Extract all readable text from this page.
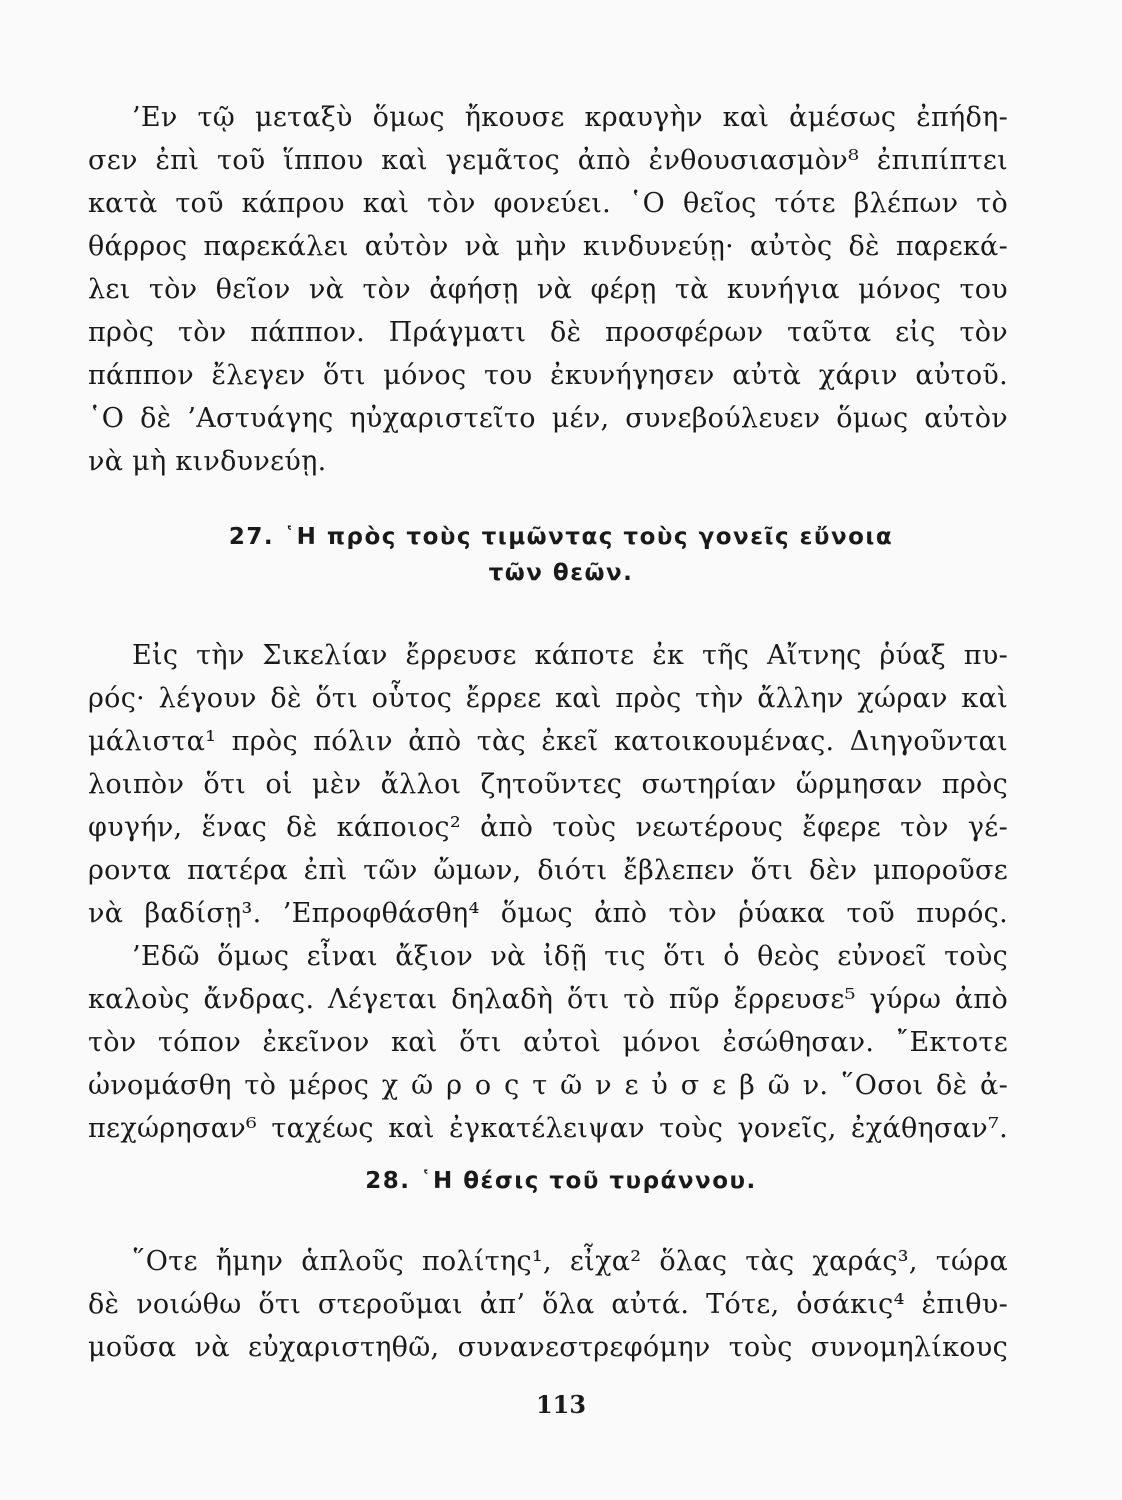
’Εν τῷ μεταξὺ ὅμως ἤκουσε κραυγὴν καὶ ἀμέσως ἐπήδη-
σεν ἐπὶ τοῦ ἵππου καὶ γεμᾶτος ἀπὸ ἐνθουσιασμὸν⁸ ἐπιπίπτει
κατὰ τοῦ κάπρου καὶ τὸν φονεύει. ῾Ο θεῖος τότε βλέπων τὸ
θάρρος παρεκάλει αὐτὸν νὰ μὴν κινδυνεύῃ· αὐτὸς δὲ παρεκά-
λει τὸν θεῖον νὰ τὸν ἀφήσῃ νὰ φέρῃ τὰ κυνήγια μόνος του
πρὸς τὸν πάππον. Πράγματι δὲ προσφέρων ταῦτα εἰς τὸν
πάππον ἔλεγεν ὅτι μόνος του ἐκυνήγησεν αὐτὰ χάριν αὐτοῦ.
῾Ο δὲ ’Αστυάγης ηὐχαριστεῖτο μέν, συνεβούλευεν ὅμως αὐτὸν
νὰ μὴ κινδυνεύῃ.
27. ῾Η πρὸς τοὺς τιμῶντας τοὺς γονεῖς εὔνοια
τῶν θεῶν.
Εἰς τὴν Σικελίαν ἔρρευσε κάποτε ἐκ τῆς Αἴτνης ῥύαξ πυ-
ρός· λέγουν δὲ ὅτι οὗτος ἔρρεε καὶ πρὸς τὴν ἄλλην χώραν καὶ
μάλιστα¹ πρὸς πόλιν ἀπὸ τὰς ἐκεῖ κατοικουμένας. Διηγοῦνται
λοιπὸν ὅτι οἱ μὲν ἄλλοι ζητοῦντες σωτηρίαν ὥρμησαν πρὸς
φυγήν, ἕνας δὲ κάποιος² ἀπὸ τοὺς νεωτέρους ἔφερε τὸν γέ-
ροντα πατέρα ἐπὶ τῶν ὤμων, διότι ἔβλεπεν ὅτι δὲν μποροῦσε
νὰ βαδίσῃ³. ’Επροφθάσθη⁴ ὅμως ἀπὸ τὸν ῥύακα τοῦ πυρός.
’Εδῶ ὅμως εἶναι ἄξιον νὰ ἰδῇ τις ὅτι ὁ θεὸς εὐνοεῖ τοὺς
καλοὺς ἄνδρας. Λέγεται δηλαδὴ ὅτι τὸ πῦρ ἔρρευσε⁵ γύρω ἀπὸ
τὸν τόπον ἐκεῖνον καὶ ὅτι αὐτοὶ μόνοι ἐσώθησαν. ῎Εκτοτε
ὠνομάσθη τὸ μέρος χ ῶ ρ ο ς τ ῶ ν ε ὐ σ ε β ῶ ν. ῞Οσοι δὲ ἀ-
πεχώρησαν⁶ ταχέως καὶ ἐγκατέλειψαν τοὺς γονεῖς, ἐχάθησαν⁷.
28. ῾Η θέσις τοῦ τυράννου.
῞Οτε ἤμην ἁπλοῦς πολίτης¹, εἶχα² ὅλας τὰς χαράς³, τώρα
δὲ νοιώθω ὅτι στεροῦμαι ἀπ’ ὅλα αὐτά. Τότε, ὁσάκις⁴ ἐπιθυ-
μοῦσα νὰ εὐχαριστηθῶ, συνανεστρεφόμην τοὺς συνομηλίκους
113
